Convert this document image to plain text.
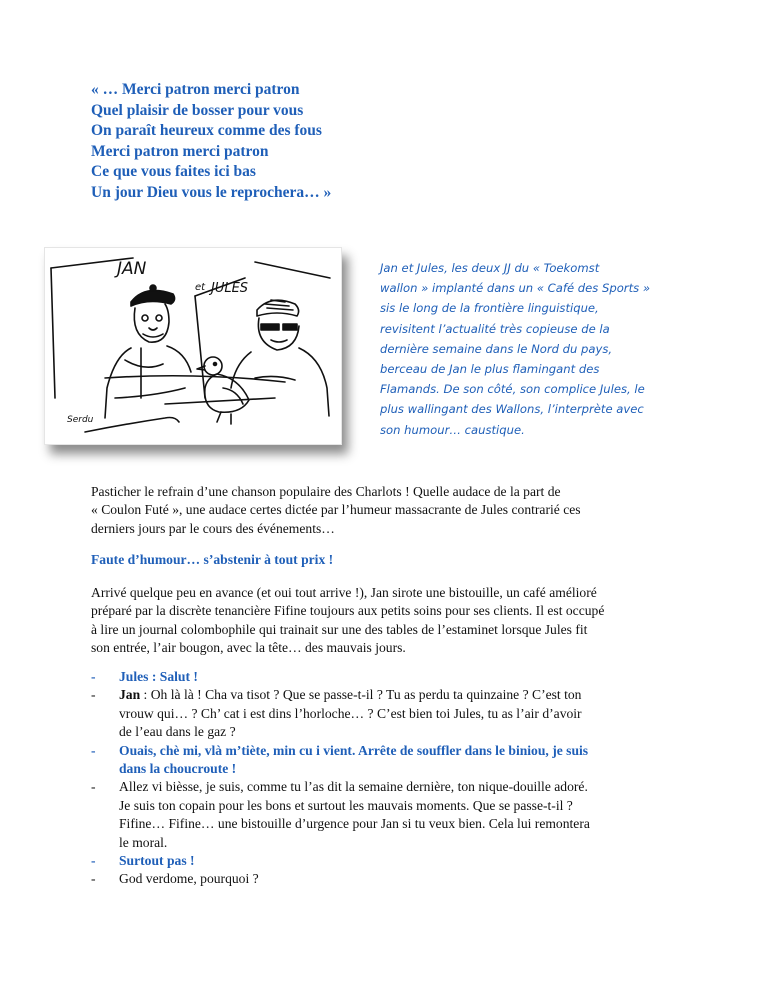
« … Merci patron merci patron
Quel plaisir de bosser pour vous
On paraît heureux comme des fous
Merci patron merci patron
Ce que vous faites ici bas
Un jour Dieu vous le reprochera… »
JAN
et JULES
Serdu
Jan et Jules, les deux JJ du « Toekomst
wallon » implanté dans un « Café des Sports »
sis le long de la frontière linguistique,
revisitent l’actualité très copieuse de la
dernière semaine dans le Nord du pays,
berceau de Jan le plus flamingant des
Flamands. De son côté, son complice Jules, le
plus wallingant des Wallons, l’interprète avec
son humour… caustique.
Pasticher le refrain d’une chanson populaire des Charlots ! Quelle audace de la part de
« Coulon Futé », une audace certes dictée par l’humeur massacrante de Jules contrarié ces
derniers jours par le cours des événements…
Faute d’humour… s’abstenir à tout prix !
Arrivé quelque peu en avance (et oui tout arrive !), Jan sirote une bistouille, un café amélioré
préparé par la discrète tenancière Fifine toujours aux petits soins pour ses clients. Il est occupé
à lire un journal colombophile qui trainait sur une des tables de l’estaminet lorsque Jules fit
son entrée, l’air bougon, avec la tête… des mauvais jours.
-	Jules : Salut !
-	Jan : Oh là là ! Cha va tisot ? Que se passe-t-il ? Tu as perdu ta quinzaine ? C’est ton
vrouw qui… ? Ch’ cat i est dins l’horloche… ? C’est bien toi Jules, tu as l’air d’avoir
de l’eau dans le gaz ?
-	Ouais, chè mi, vlà m’tiète, min cu i vient. Arrête de souffler dans le biniou, je suis
dans la choucroute !
-	Allez vi bièsse, je suis, comme tu l’as dit la semaine dernière, ton nique-douille adoré.
Je suis ton copain pour les bons et surtout les mauvais moments. Que se passe-t-il ?
Fifine… Fifine… une bistouille d’urgence pour Jan si tu veux bien. Cela lui remontera
le moral.
-	Surtout pas !
-	God verdome, pourquoi ?
